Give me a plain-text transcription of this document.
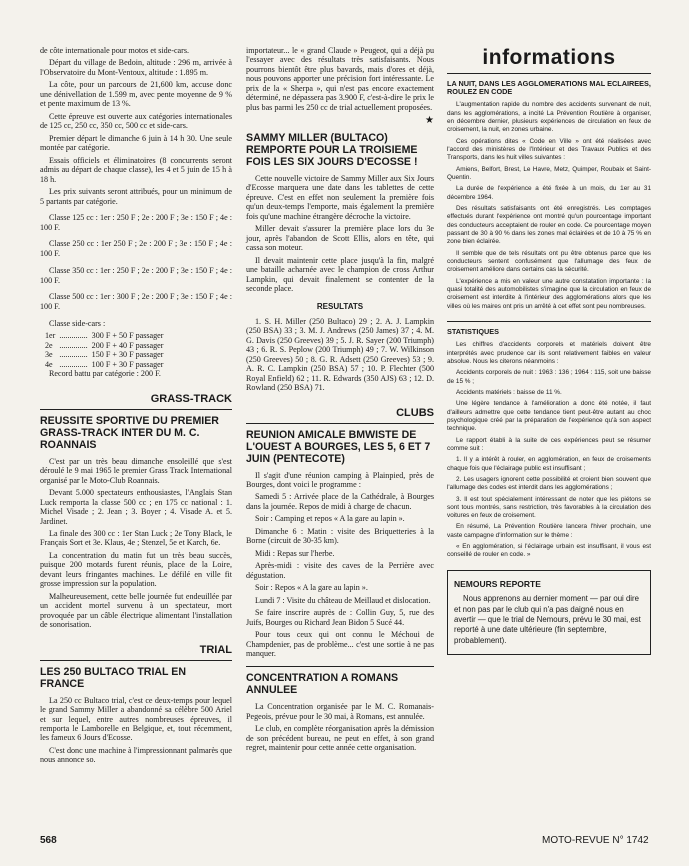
de côte internationale pour motos et side-cars.

Départ du village de Bedoin, altitude : 296 m, arrivée à l'Observatoire du Mont-Ventoux, altitude : 1.895 m.

La côte, pour un parcours de 21,600 km, accuse donc une dénivellation de 1.599 m, avec pente moyenne de 9 % et pente maximum de 13 %.

Cette épreuve est ouverte aux catégories internationales de 125 cc, 250 cc, 350 cc, 500 cc et side-cars.

Premier départ le dimanche 6 juin à 14 h 30. Une seule montée par catégorie.

Essais officiels et éliminatoires (8 concurrents seront admis au départ de chaque classe), les 4 et 5 juin de 15 h à 18 h.

Les prix suivants seront attribués, pour un minimum de 5 partants par catégorie.

Classe 125 cc : 1er : 250 F ; 2e : 200 F ; 3e : 150 F ; 4e : 100 F.

Classe 250 cc : 1er 250 F ; 2e : 200 F ; 3e : 150 F ; 4e : 100 F.

Classe 350 cc : 1er : 250 F ; 2e : 200 F ; 3e : 150 F ; 4e : 100 F.

Classe 500 cc : 1er : 300 F ; 2e : 200 F ; 3e : 150 F ; 4e : 100 F.

Classe side-cars :

1er	..............	300 F + 50 F passager
2e	..............	200 F + 40 F passager
3e	..............	150 F + 30 F passager
4e	..............	100 F + 30 F passager

Record battu par catégorie : 200 F.

GRASS-TRACK
REUSSITE SPORTIVE DU PREMIER GRASS-TRACK INTER DU M. C. ROANNAIS

C'est par un très beau dimanche ensoleillé que s'est déroulé le 9 mai 1965 le premier Grass Track International organisé par le Moto-Club Roannais.

Devant 5.000 spectateurs enthousiastes, l'Anglais Stan Luck remporta la classe 500 cc ; en 175 cc national : 1. Michel Visade ; 2. Jean ; 3. Boyer ; 4. Visade A. et 5. Jardinet.

La finale des 300 cc : 1er Stan Luck ; 2e Tony Black, le Français Sort et 3e. Klaus, 4e ; Stenzel, 5e et Karch, 6e.

La concentration du matin fut un très beau succès, puisque 200 motards furent réunis, place de la Loire, devant leurs fringantes machines. Le défilé en ville fit grosse impression sur la population.

Malheureusement, cette belle journée fut endeuillée par un accident mortel survenu à un spectateur, mort provoquée par un câble électrique alimentant l'installation de sonorisation.

TRIAL
LES 250 BULTACO TRIAL EN FRANCE

La 250 cc Bultaco trial, c'est ce deux-temps pour lequel le grand Sammy Miller a abandonné sa célèbre 500 Ariel et sur lequel, entre autres nombreuses épreuves, il remporta le Lamborelle en Belgique, et, tout récemment, les fameux 6 Jours d'Ecosse.

C'est donc une machine à l'impressionnant palmarès que nous annonce so.

importateur... le « grand Claude » Peugeot, qui a déjà pu l'essayer avec des résultats très satisfaisants. Nous pourrons bientôt être plus bavards, mais d'ores et déjà, nous pouvons apporter une précision fort intéressante. Le prix de la « Sherpa », qui n'est pas encore exactement déterminé, ne dépassera pas 3.900 F, c'est-à-dire le prix le plus bas parmi les 250 cc de trial actuellement proposées.

★

SAMMY MILLER (BULTACO) REMPORTE POUR LA TROISIEME FOIS LES SIX JOURS D'ECOSSE !

Cette nouvelle victoire de Sammy Miller aux Six Jours d'Ecosse marquera une date dans les tablettes de cette épreuve. C'est en effet non seulement la première fois qu'un deux-temps l'emporte, mais également la première fois qu'une machine étrangère décroche la victoire.

Miller devait s'assurer la première place lors du 3e jour, après l'abandon de Scott Ellis, alors en tête, qui cassa son moteur.

Il devait maintenir cette place jusqu'à la fin, malgré une bataille acharnée avec le champion de cross Arthur Lampkin, qui devait finalement se contenter de la seconde place.

RESULTATS

1. S. H. Miller (250 Bultaco) 29 ; 2. A. J. Lampkin (250 BSA) 33 ; 3. M. J. Andrews (250 James) 37 ; 4. M. G. Davis (250 Greeves) 39 ; 5. J. R. Sayer (200 Triumph) 43 ; 6. R. S. Peplow (200 Triumph) 49 ; 7. W. Wilkinson (250 Greeves) 50 ; 8. G. R. Adsett (250 Greeves) 53 ; 9. A. R. C. Lampkin (250 BSA) 57 ; 10. P. Flechter (500 Royal Enfield) 62 ; 11. R. Edwards (350 AJS) 63 ; 12. D. Rowland (250 BSA) 71.

CLUBS
REUNION AMICALE BMWISTE DE L'OUEST A BOURGES, LES 5, 6 ET 7 JUIN (PENTECOTE)

Il s'agit d'une réunion camping à Plainpied, près de Bourges, dont voici le programme :

Samedi 5 : Arrivée place de la Cathédrale, à Bourges dans la journée. Repos de midi à charge de chacun.

Soir : Camping et repos « A la gare au lapin ».

Dimanche 6 : Matin : visite des Briquetteries à la Borne (circuit de 30-35 km).

Midi : Repas sur l'herbe.

Après-midi : visite des caves de la Perrière avec dégustation.

Soir : Repos « A la gare au lapin ».

Lundi 7 : Visite du château de Meillaud et dislocation.

Se faire inscrire auprès de : Collin Guy, 5, rue des Juifs, Bourges ou Richard Jean Bidon 5 Sucé 44.

Pour tous ceux qui ont connu le Méchoui de Champdenier, pas de problème... c'est une sortie à ne pas manquer.

CONCENTRATION A ROMANS ANNULEE

La Concentration organisée par le M. C. Romanais-Pegeois, prévue pour le 30 mai, à Romans, est annulée.

Le club, en complète réorganisation après la démission de son précédent bureau, ne peut en effet, à son grand regret, maintenir pour cette année cette organisation.

informations
LA NUIT, DANS LES AGGLOMERATIONS MAL ECLAIREES, ROULEZ EN CODE

L'augmentation rapide du nombre des accidents survenant de nuit, dans les agglomérations, a incité La Prévention Routière à organiser, en décembre dernier, plusieurs expériences de circulation en feux de croisement, la nuit, en zones urbaine.

Ces opérations dites « Code en Ville » ont été réalisées avec l'accord des ministères de l'Intérieur et des Travaux Publics et des Transports, dans les huit villes suivantes :

Amiens, Belfort, Brest, Le Havre, Metz, Quimper, Roubaix et Saint-Quentin.

La durée de l'expérience a été fixée à un mois, du 1er au 31 décembre 1964.

Des résultats satisfaisants ont été enregistrés. Les comptages effectués durant l'expérience ont montré qu'un pourcentage important des conducteurs acceptaient de rouler en code. Ce pourcentage moyen passant de 30 à 90 % dans les zones mal éclairées et de 10 à 75 % en zone bien éclairée.

Il semble que de tels résultats ont pu être obtenus parce que les conducteurs sentent confusément que l'allumage des feux de croisement améliore dans certains cas la sécurité.

L'expérience a mis en valeur une autre constatation importante : la quasi totalité des automobilistes s'imagine que la circulation en feux de croisement est interdite à l'intérieur des agglomérations alors que les villes où les maires ont pris un arrêté à cet effet sont peu nombreuses.

STATISTIQUES

Les chiffres d'accidents corporels et matériels doivent être interprétés avec prudence car ils sont relativement faibles en valeur absolue. Nous les citerons néanmoins :

Accidents corporels de nuit : 1963 : 136 ; 1964 : 115, soit une baisse de 15 % ;

Accidents matériels : baisse de 11 %.

Une légère tendance à l'amélioration a donc été notée, il faut d'ailleurs admettre que cette tendance tient peut-être autant au choc psychologique créé par la préparation de l'expérience qu'à son aspect technique.

Le rapport établi à la suite de ces expériences peut se résumer comme suit :

1. Il y a intérêt à rouler, en agglomération, en feux de croisements chaque fois que l'éclairage public est insuffisant ;

2. Les usagers ignorent cette possibilité et croient bien souvent que l'allumage des codes est interdit dans les agglomérations ;

3. Il est tout spécialement intéressant de noter que les piétons se sont tous montrés, sans restriction, très favorables à la circulation des voitures en feux de croisement.

En résumé, La Prévention Routière lancera l'hiver prochain, une vaste campagne d'information sur le thème :

« En agglomération, si l'éclairage urbain est insuffisant, il vous est conseillé de rouler en code. »

NEMOURS REPORTE

Nous apprenons au dernier moment — par oui dire et non pas par le club qui n'a pas daigné nous en avertir — que le trial de Nemours, prévu le 30 mai, est reporté à une date ultérieure (fin septembre, probablement).

568	MOTO-REVUE N° 1742
